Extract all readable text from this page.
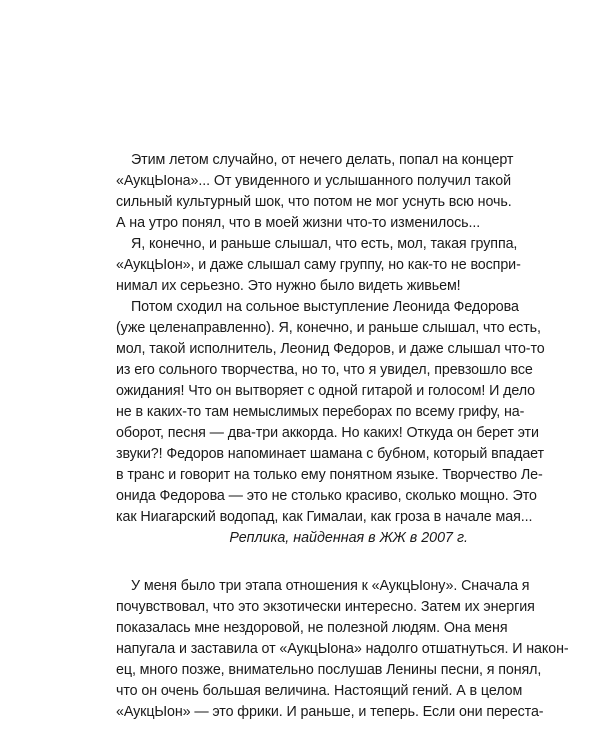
Этим летом случайно, от нечего делать, попал на концерт
«АукцЫона»... От увиденного и услышанного получил такой
сильный культурный шок, что потом не мог уснуть всю ночь.
А на утро понял, что в моей жизни что-то изменилось...
Я, конечно, и раньше слышал, что есть, мол, такая группа,
«АукцЫон», и даже слышал саму группу, но как-то не воспри-
нимал их серьезно. Это нужно было видеть живьем!
Потом сходил на сольное выступление Леонида Федорова
(уже целенаправленно). Я, конечно, и раньше слышал, что есть,
мол, такой исполнитель, Леонид Федоров, и даже слышал что-то
из его сольного творчества, но то, что я увидел, превзошло все
ожидания! Что он вытворяет с одной гитарой и голосом! И дело
не в каких-то там немыслимых переборах по всему грифу, на-
оборот, песня — два-три аккорда. Но каких! Откуда он берет эти
звуки?! Федоров напоминает шамана с бубном, который впадает
в транс и говорит на только ему понятном языке. Творчество Ле-
онида Федорова — это не столько красиво, сколько мощно. Это
как Ниагарский водопад, как Гималаи, как гроза в начале мая...
Реплика, найденная в ЖЖ в 2007 г.
У меня было три этапа отношения к «АукцЫону». Сначала я
почувствовал, что это экзотически интересно. Затем их энергия
показалась мне нездоровой, не полезной людям. Она меня
напугала и заставила от «АукцЫона» надолго отшатнуться. И након-
ец, много позже, внимательно послушав Ленины песни, я понял,
что он очень большая величина. Настоящий гений. А в целом
«АукцЫон» — это фрики. И раньше, и теперь. Если они переста-
